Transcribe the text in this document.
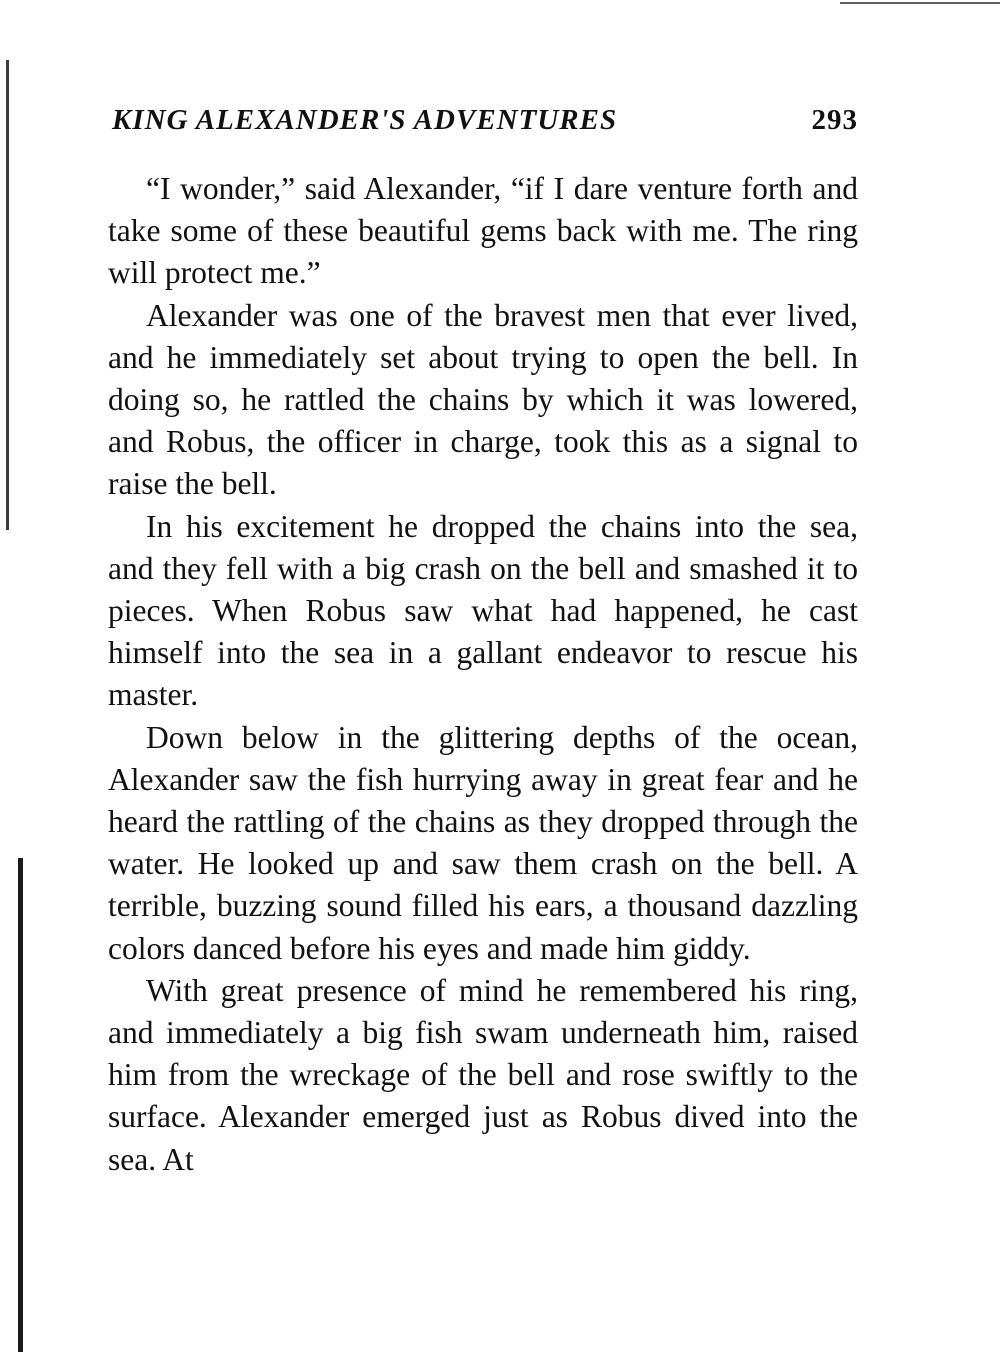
KING ALEXANDER'S ADVENTURES	293

“I wonder,” said Alexander, “if I dare venture forth and take some of these beautiful gems back with me. The ring will protect me.”

Alexander was one of the bravest men that ever lived, and he immediately set about trying to open the bell. In doing so, he rattled the chains by which it was lowered, and Robus, the officer in charge, took this as a signal to raise the bell.

In his excitement he dropped the chains into the sea, and they fell with a big crash on the bell and smashed it to pieces. When Robus saw what had happened, he cast himself into the sea in a gallant endeavor to rescue his master.

Down below in the glittering depths of the ocean, Alexander saw the fish hurrying away in great fear and he heard the rattling of the chains as they dropped through the water. He looked up and saw them crash on the bell. A terrible, buzzing sound filled his ears, a thousand dazzling colors danced before his eyes and made him giddy.

With great presence of mind he remembered his ring, and immediately a big fish swam underneath him, raised him from the wreckage of the bell and rose swiftly to the surface. Alexander emerged just as Robus dived into the sea. At
